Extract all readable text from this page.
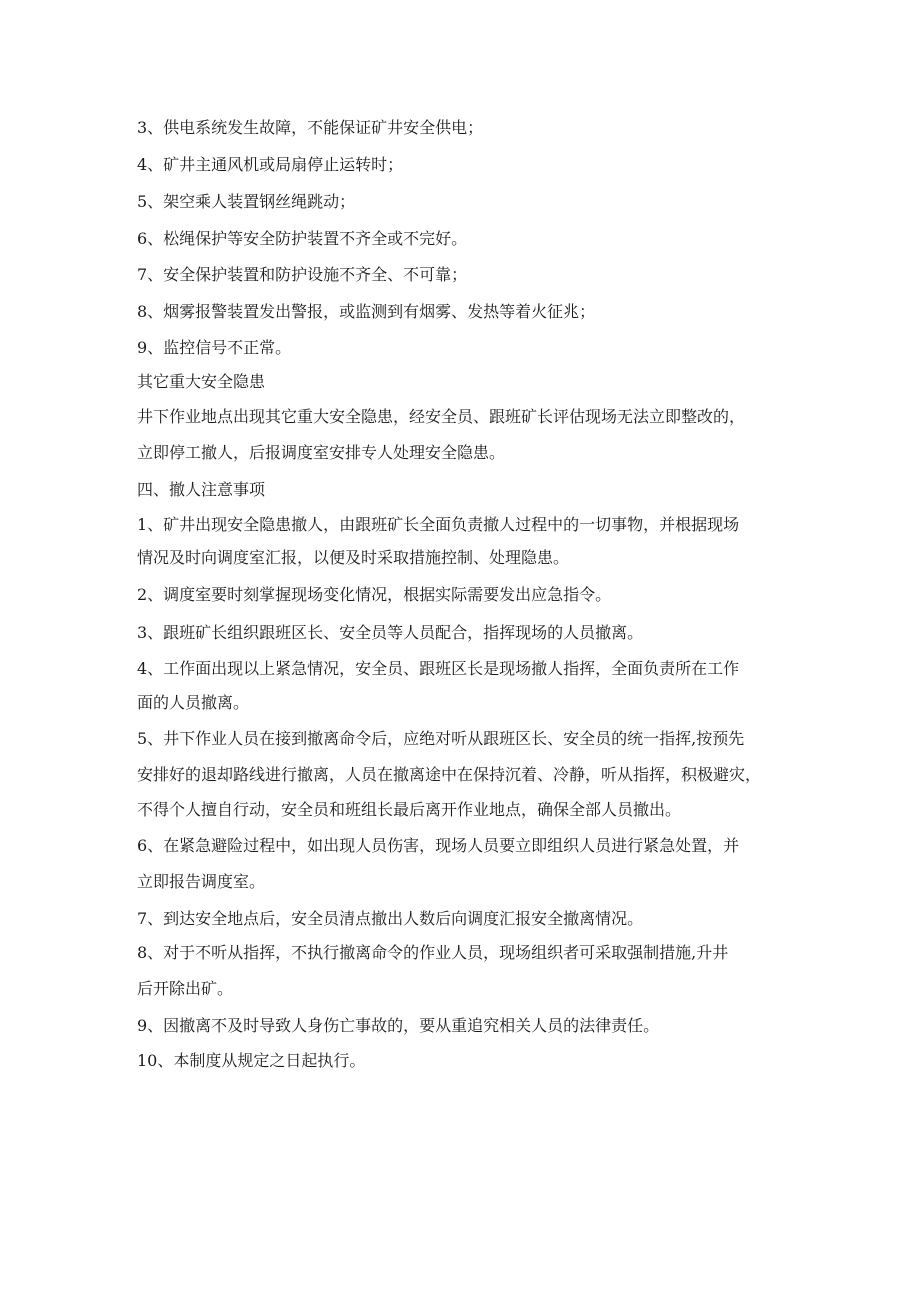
3、供电系统发生故障，不能保证矿井安全供电；
4、矿井主通风机或局扇停止运转时；
5、架空乘人装置钢丝绳跳动；
6、松绳保护等安全防护装置不齐全或不完好。
7、安全保护装置和防护设施不齐全、不可靠；
8、烟雾报警装置发出警报，或监测到有烟雾、发热等着火征兆；
9、监控信号不正常。
其它重大安全隐患
井下作业地点出现其它重大安全隐患，经安全员、跟班矿长评估现场无法立即整改的，
立即停工撤人，后报调度室安排专人处理安全隐患。
四、撤人注意事项
1、矿井出现安全隐患撤人，由跟班矿长全面负责撤人过程中的一切事物，并根据现场
情况及时向调度室汇报，以便及时采取措施控制、处理隐患。
2、调度室要时刻掌握现场变化情况，根据实际需要发出应急指令。
3、跟班矿长组织跟班区长、安全员等人员配合，指挥现场的人员撤离。
4、工作面出现以上紧急情况，安全员、跟班区长是现场撤人指挥，全面负责所在工作
面的人员撤离。
5、井下作业人员在接到撤离命令后，应绝对听从跟班区长、安全员的统一指挥,按预先
安排好的退却路线进行撤离，人员在撤离途中在保持沉着、冷静，听从指挥，积极避灾，
不得个人擅自行动，安全员和班组长最后离开作业地点，确保全部人员撤出。
6、在紧急避险过程中，如出现人员伤害，现场人员要立即组织人员进行紧急处置，并
立即报告调度室。
7、到达安全地点后，安全员清点撤出人数后向调度汇报安全撤离情况。
8、对于不听从指挥，不执行撤离命令的作业人员，现场组织者可采取强制措施,升井
后开除出矿。
9、因撤离不及时导致人身伤亡事故的，要从重追究相关人员的法律责任。
10、本制度从规定之日起执行。
